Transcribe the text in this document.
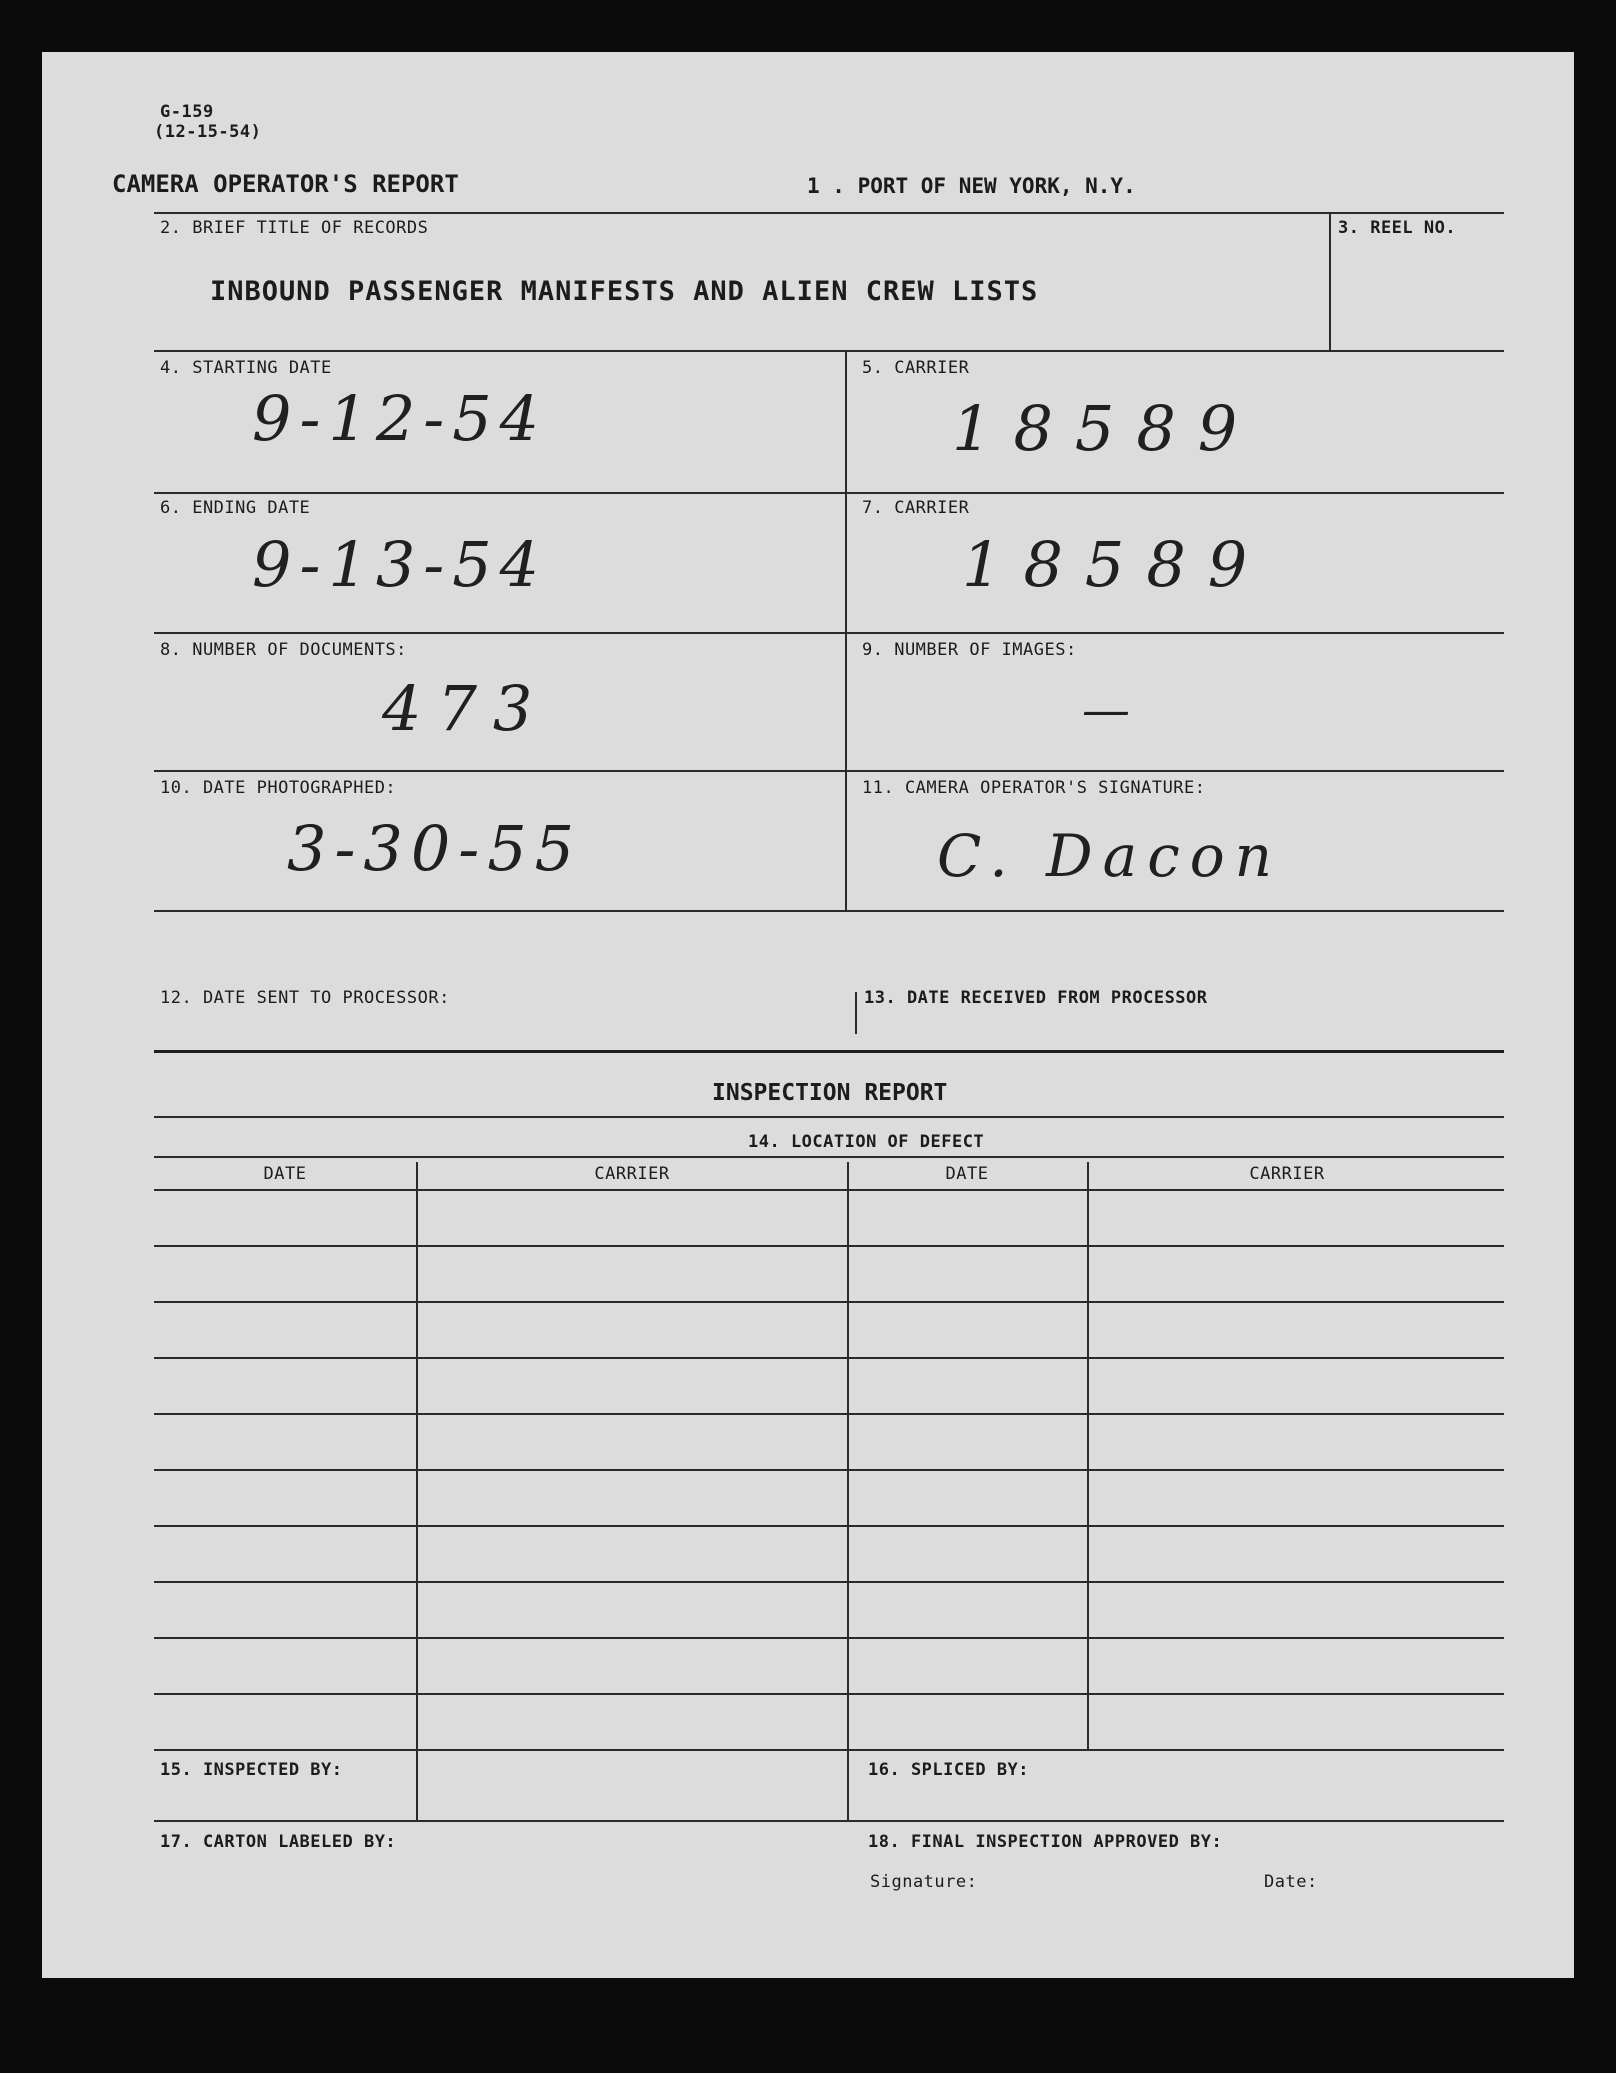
G-159
(12-15-54)
CAMERA OPERATOR'S REPORT	1 . PORT OF NEW YORK, N.Y.
2. BRIEF TITLE OF RECORDS	3. REEL NO.
INBOUND PASSENGER MANIFESTS AND ALIEN CREW LISTS
4. STARTING DATE	5. CARRIER
9-12-54	18589
6. ENDING DATE	7. CARRIER
9-13-54	18589
8. NUMBER OF DOCUMENTS:	9. NUMBER OF IMAGES:
473	—
10. DATE PHOTOGRAPHED:	11. CAMERA OPERATOR'S SIGNATURE:
3-30-55	C. Dacon
12. DATE SENT TO PROCESSOR:	13. DATE RECEIVED FROM PROCESSOR
INSPECTION REPORT
14. LOCATION OF DEFECT
DATE	CARRIER	DATE	CARRIER
15. INSPECTED BY:	16. SPLICED BY:
17. CARTON LABELED BY:	18. FINAL INSPECTION APPROVED BY:
Signature:	Date:
